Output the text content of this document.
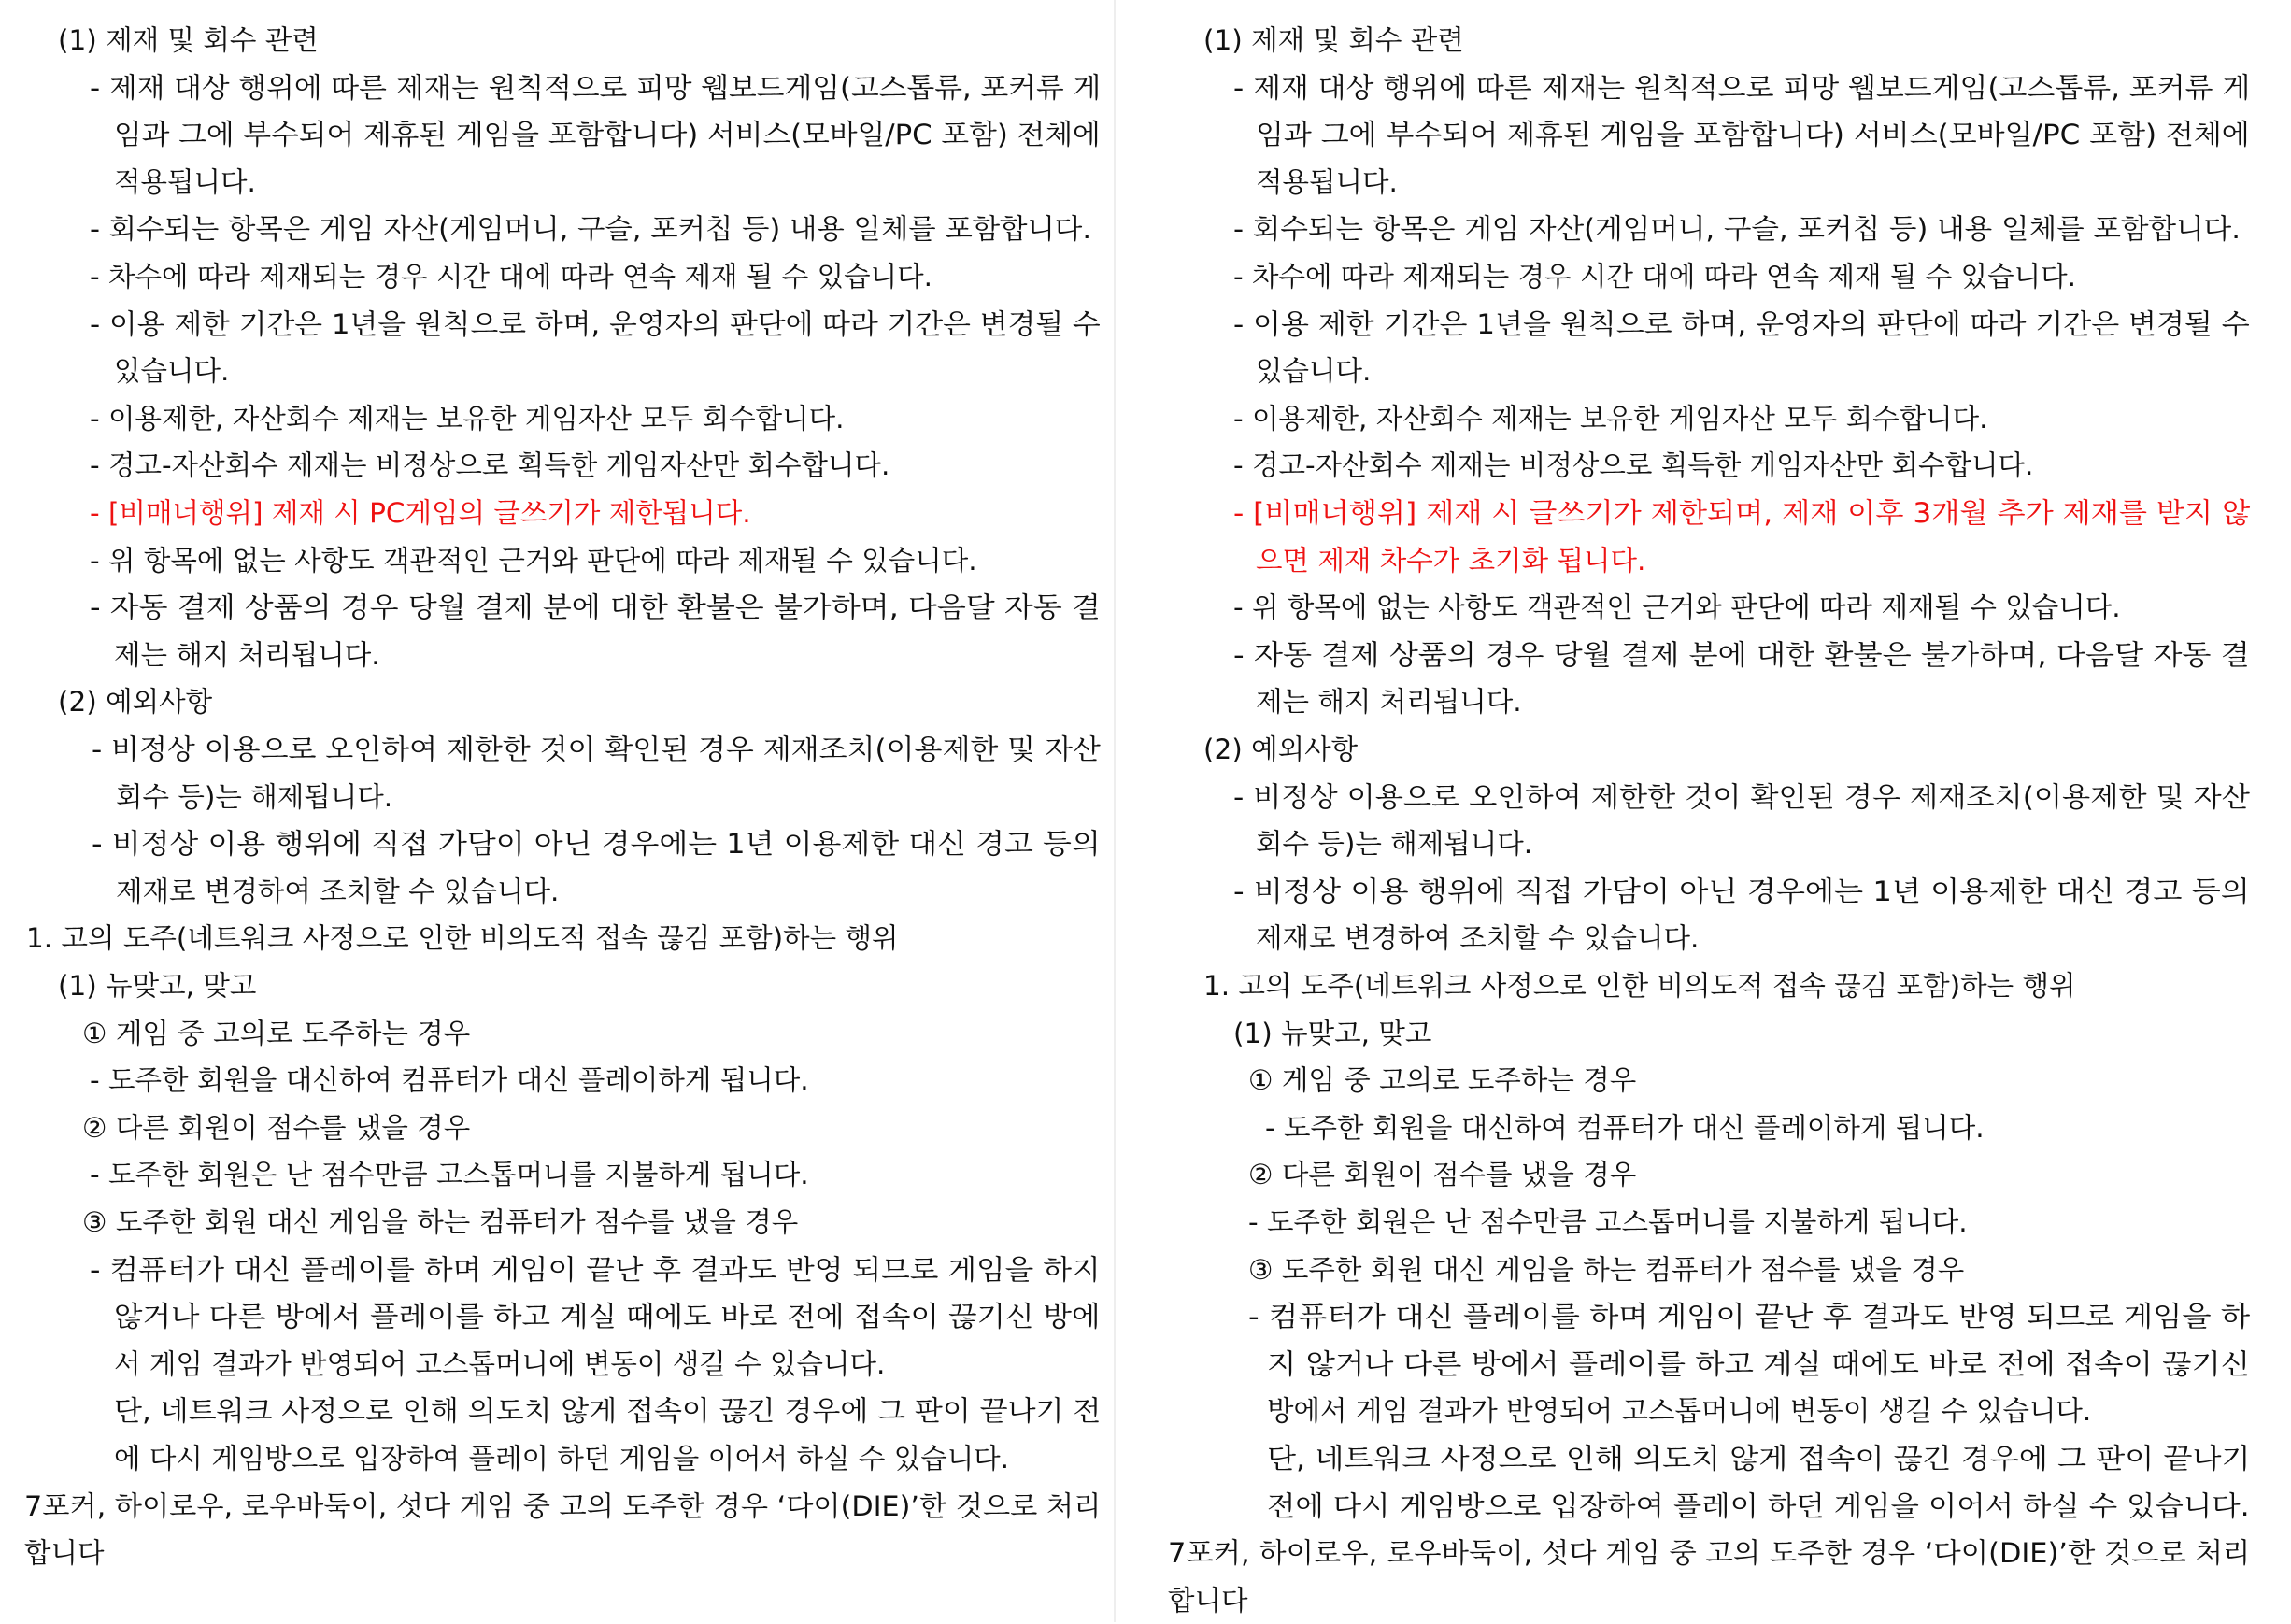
(1) 제재 및 회수 관련
- 제재 대상 행위에 따른 제재는 원칙적으로 피망 웹보드게임(고스톱류, 포커류 게
임과 그에 부수되어 제휴된 게임을 포함합니다) 서비스(모바일/PC 포함) 전체에
적용됩니다.
- 회수되는 항목은 게임 자산(게임머니, 구슬, 포커칩 등) 내용 일체를 포함합니다.
- 차수에 따라 제재되는 경우 시간 대에 따라 연속 제재 될 수 있습니다.
- 이용 제한 기간은 1년을 원칙으로 하며, 운영자의 판단에 따라 기간은 변경될 수
있습니다.
- 이용제한, 자산회수 제재는 보유한 게임자산 모두 회수합니다.
- 경고-자산회수 제재는 비정상으로 획득한 게임자산만 회수합니다.
- [비매너행위] 제재 시 PC게임의 글쓰기가 제한됩니다.
- 위 항목에 없는 사항도 객관적인 근거와 판단에 따라 제재될 수 있습니다.
- 자동 결제 상품의 경우 당월 결제 분에 대한 환불은 불가하며, 다음달 자동 결
제는 해지 처리됩니다.
(2) 예외사항
- 비정상 이용으로 오인하여 제한한 것이 확인된 경우 제재조치(이용제한 및 자산
회수 등)는 해제됩니다.
- 비정상 이용 행위에 직접 가담이 아닌 경우에는 1년 이용제한 대신 경고 등의
제재로 변경하여 조치할 수 있습니다.
1. 고의 도주(네트워크 사정으로 인한 비의도적 접속 끊김 포함)하는 행위
(1) 뉴맞고, 맞고
① 게임 중 고의로 도주하는 경우
- 도주한 회원을 대신하여 컴퓨터가 대신 플레이하게 됩니다.
② 다른 회원이 점수를 냈을 경우
- 도주한 회원은 난 점수만큼 고스톱머니를 지불하게 됩니다.
③ 도주한 회원 대신 게임을 하는 컴퓨터가 점수를 냈을 경우
- 컴퓨터가 대신 플레이를 하며 게임이 끝난 후 결과도 반영 되므로 게임을 하지
않거나 다른 방에서 플레이를 하고 계실 때에도 바로 전에 접속이 끊기신 방에
서 게임 결과가 반영되어 고스톱머니에 변동이 생길 수 있습니다.
단, 네트워크 사정으로 인해 의도치 않게 접속이 끊긴 경우에 그 판이 끝나기 전
에 다시 게임방으로 입장하여 플레이 하던 게임을 이어서 하실 수 있습니다.
7포커, 하이로우, 로우바둑이, 섯다 게임 중 고의 도주한 경우 ‘다이(DIE)’한 것으로 처리
합니다
(1) 제재 및 회수 관련
- 제재 대상 행위에 따른 제재는 원칙적으로 피망 웹보드게임(고스톱류, 포커류 게
임과 그에 부수되어 제휴된 게임을 포함합니다) 서비스(모바일/PC 포함) 전체에
적용됩니다.
- 회수되는 항목은 게임 자산(게임머니, 구슬, 포커칩 등) 내용 일체를 포함합니다.
- 차수에 따라 제재되는 경우 시간 대에 따라 연속 제재 될 수 있습니다.
- 이용 제한 기간은 1년을 원칙으로 하며, 운영자의 판단에 따라 기간은 변경될 수
있습니다.
- 이용제한, 자산회수 제재는 보유한 게임자산 모두 회수합니다.
- 경고-자산회수 제재는 비정상으로 획득한 게임자산만 회수합니다.
- [비매너행위] 제재 시 글쓰기가 제한되며, 제재 이후 3개월 추가 제재를 받지 않
으면 제재 차수가 초기화 됩니다.
- 위 항목에 없는 사항도 객관적인 근거와 판단에 따라 제재될 수 있습니다.
- 자동 결제 상품의 경우 당월 결제 분에 대한 환불은 불가하며, 다음달 자동 결
제는 해지 처리됩니다.
(2) 예외사항
- 비정상 이용으로 오인하여 제한한 것이 확인된 경우 제재조치(이용제한 및 자산
회수 등)는 해제됩니다.
- 비정상 이용 행위에 직접 가담이 아닌 경우에는 1년 이용제한 대신 경고 등의
제재로 변경하여 조치할 수 있습니다.
1. 고의 도주(네트워크 사정으로 인한 비의도적 접속 끊김 포함)하는 행위
(1) 뉴맞고, 맞고
① 게임 중 고의로 도주하는 경우
- 도주한 회원을 대신하여 컴퓨터가 대신 플레이하게 됩니다.
② 다른 회원이 점수를 냈을 경우
- 도주한 회원은 난 점수만큼 고스톱머니를 지불하게 됩니다.
③ 도주한 회원 대신 게임을 하는 컴퓨터가 점수를 냈을 경우
- 컴퓨터가 대신 플레이를 하며 게임이 끝난 후 결과도 반영 되므로 게임을 하
지 않거나 다른 방에서 플레이를 하고 계실 때에도 바로 전에 접속이 끊기신
방에서 게임 결과가 반영되어 고스톱머니에 변동이 생길 수 있습니다.
단, 네트워크 사정으로 인해 의도치 않게 접속이 끊긴 경우에 그 판이 끝나기
전에 다시 게임방으로 입장하여 플레이 하던 게임을 이어서 하실 수 있습니다.
7포커, 하이로우, 로우바둑이, 섯다 게임 중 고의 도주한 경우 ‘다이(DIE)’한 것으로 처리
합니다
